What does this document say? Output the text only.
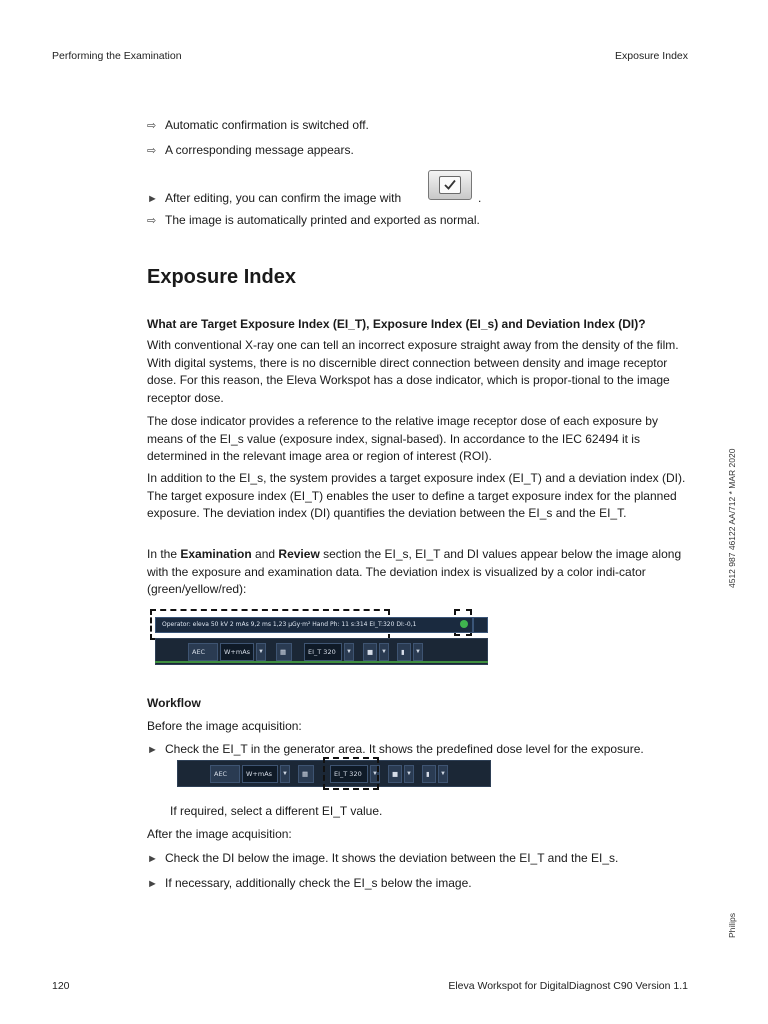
Performing the Examination	Exposure Index
⇨ Automatic confirmation is switched off.
⇨ A corresponding message appears.
► After editing, you can confirm the image with	.
⇨ The image is automatically printed and exported as normal.
Exposure Index

What are Target Exposure Index (EI_T), Exposure Index (EI_s) and Deviation Index (DI)?

With conventional X-ray one can tell an incorrect exposure straight away from the density of the film. With digital systems, there is no discernible direct connection between density and image receptor dose. For this reason, the Eleva Workspot has a dose indicator, which is propor-tional to the image receptor dose.

The dose indicator provides a reference to the relative image receptor dose of each exposure by means of the EI_s value (exposure index, signal-based). In accordance to the IEC 62494 it is determined in the relevant image area or region of interest (ROI).

In addition to the EI_s, the system provides a target exposure index (EI_T) and a deviation index (DI). The target exposure index (EI_T) enables the user to define a target exposure index for the planned exposure. The deviation index (DI) quantifies the deviation between the EI_s and the EI_T.

In the Examination and Review section the EI_s, EI_T and DI values appear below the image along with the exposure and examination data. The deviation index is visualized by a color indi-cator (green/yellow/red):

Operator: eleva 50 kV 2 mAs 9,2 ms 1,23 µGy·m² Hand Ph: 11 s:314 EI_T:320 DI:-0,1
AEC	W+mAs	▼	▦	EI_T 320	▼	■	▼	▮	▼

Workflow

Before the image acquisition:

► Check the EI_T in the generator area. It shows the predefined dose level for the exposure.
AEC	W+mAs	▼	▦	EI_T 320	▼	■	▼	▮	▼
If required, select a different EI_T value.

After the image acquisition:

► Check the DI below the image. It shows the deviation between the EI_T and the EI_s.
► If necessary, additionally check the EI_s below the image.
4512 987 46122 AA/712 * MAR 2020
Philips
120	Eleva Workspot for DigitalDiagnost C90 Version 1.1
